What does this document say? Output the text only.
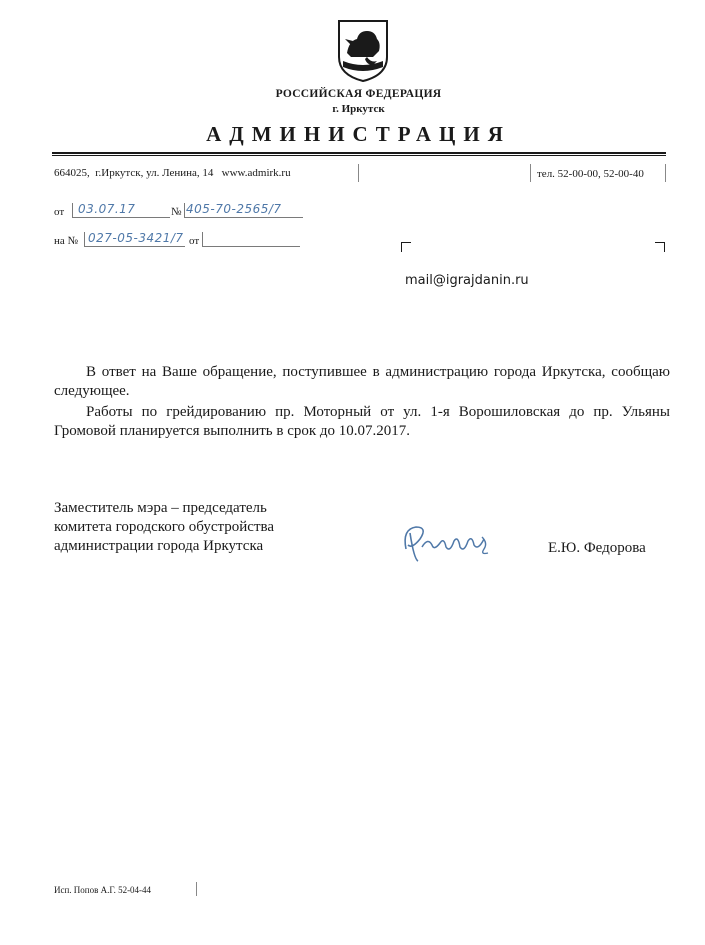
РОССИЙСКАЯ ФЕДЕРАЦИЯ
г. Иркутск
АДМИНИСТРАЦИЯ
664025,  г.Иркутск, ул. Ленина, 14   www.admirk.ru	тел. 52-00-00, 52-00-40
от 03.07.17	№ 405-70-2565/7
на № 027-05-3421/7 от
mail@igrajdanin.ru
В ответ на Ваше обращение, поступившее в администрацию города Иркутска, сообщаю следующее.
Работы по грейдированию пр. Моторный от ул. 1-я Ворошиловская до пр. Ульяны Громовой планируется выполнить в срок до 10.07.2017.
Заместитель мэра – председатель
комитета городского обустройства
администрации города Иркутска	Е.Ю. Федорова
Исп. Попов А.Г. 52-04-44
